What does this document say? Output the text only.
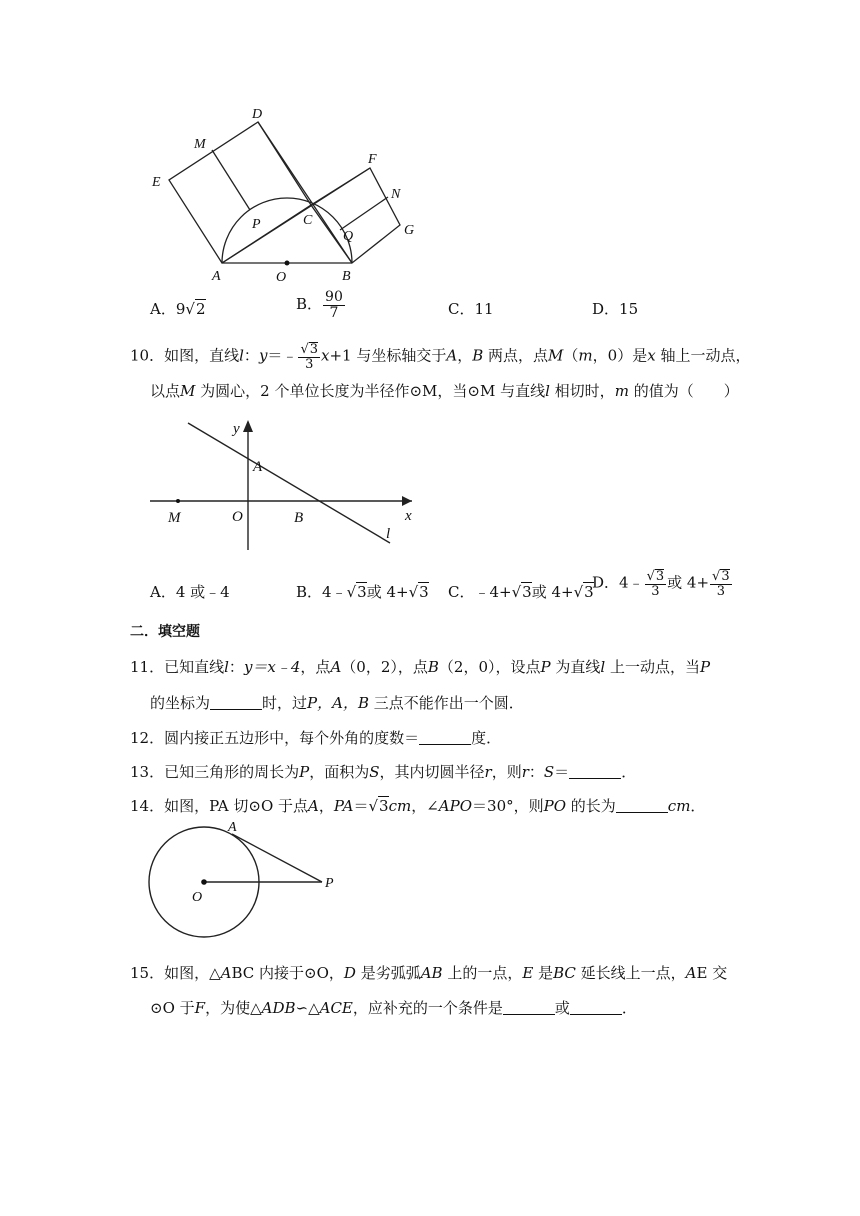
D
M
E
F
N
P	C
Q	G
A	O	B
A．9√2	B． $\frac{90}{7}$	C．11	D．15
10．如图，直线l：y＝﹣ $\frac{√3}{3} x+1$ 与坐标轴交于A，B 两点，点M（m，0）是x 轴上一动点，
以点M 为圆心，2 个单位长度为半径作⊙M，当⊙M 与直线l 相切时，m 的值为（　　）
y
A
M	O	B	x
l
A．4 或﹣4	B．4﹣√3或 4+√3 C．﹣4+√3或 4+√3
D．4﹣ $\frac{√3}{3}$ 或 $4+ \frac{√3}{3}$
二．填空题
11．已知直线l：y＝x﹣4，点A（0，2），点B（2，0），设点P 为直线l 上一动点，当P
的坐标为	时，过P，A，B 三点不能作出一个圆．
12．圆内接正五边形中，每个外角的度数＝	度．
13．已知三角形的周长为P，面积为S，其内切圆半径r，则r：S＝	．
14．如图，PA 切⊙O 于点A，PA＝√3cm，∠APO＝30°，则PO 的长为	cm．
A
O
P
15．如图，△ABC 内接于⊙O，D 是劣弧弧AB 上的一点，E 是BC 延长线上一点，AE 交
⊙O 于F，为使△ADB∽△ACE，应补充的一个条件是	或	．
